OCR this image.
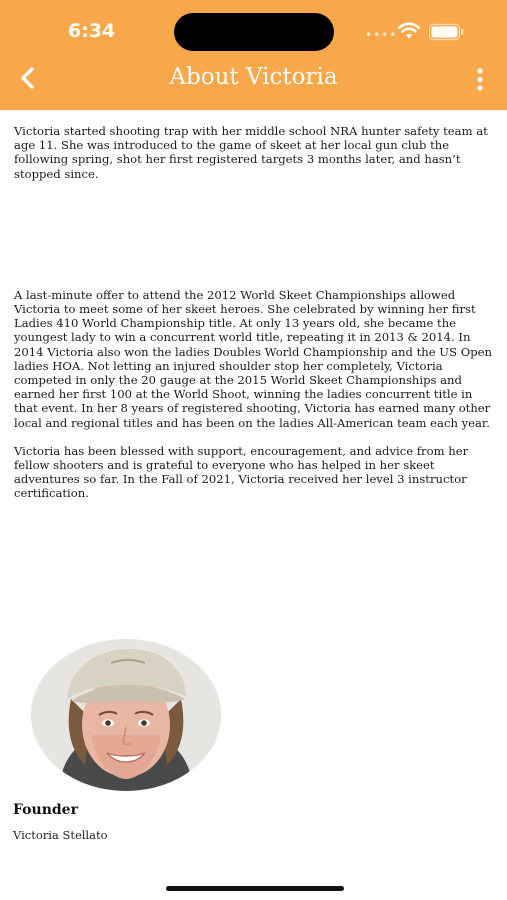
6:34	••••
About Victoria

Victoria started shooting trap with her middle school NRA hunter safety team at age 11. She was introduced to the game of skeet at her local gun club the following spring, shot her first registered targets 3 months later, and hasn’t stopped since.

A last-minute offer to attend the 2012 World Skeet Championships allowed Victoria to meet some of her skeet heroes. She celebrated by winning her first Ladies 410 World Championship title. At only 13 years old, she became the youngest lady to win a concurrent world title, repeating it in 2013 & 2014. In 2014 Victoria also won the ladies Doubles World Championship and the US Open ladies HOA. Not letting an injured shoulder stop her completely, Victoria competed in only the 20 gauge at the 2015 World Skeet Championships and earned her first 100 at the World Shoot, winning the ladies concurrent title in that event. In her 8 years of registered shooting, Victoria has earned many other local and regional titles and has been on the ladies All-American team each year.

Victoria has been blessed with support, encouragement, and advice from her fellow shooters and is grateful to everyone who has helped in her skeet adventures so far. In the Fall of 2021, Victoria received her level 3 instructor certification.

Founder
Victoria Stellato
